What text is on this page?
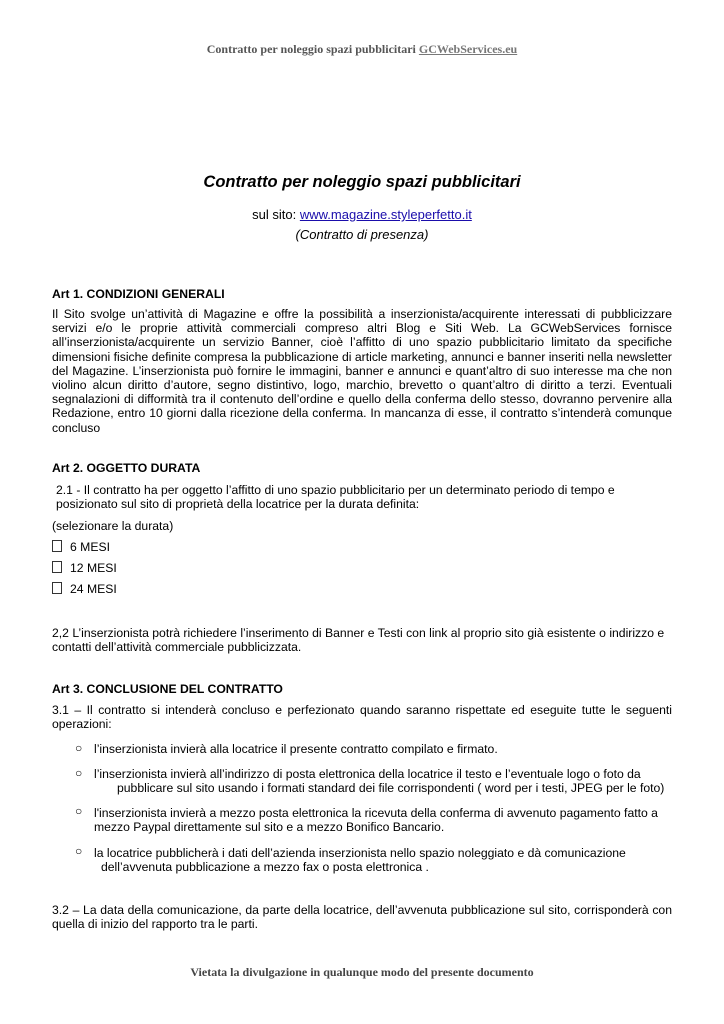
Contratto per noleggio spazi pubblicitari GCWebServices.eu
Contratto per noleggio spazi pubblicitari
sul sito: www.magazine.styleperfetto.it
(Contratto di presenza)
Art 1. CONDIZIONI GENERALI
Il Sito svolge un’attività di Magazine e offre la possibilità a inserzionista/acquirente interessati di pubblicizzare servizi e/o le proprie attività commerciali compreso altri Blog e Siti Web. La GCWebServices fornisce all’inserzionista/acquirente un servizio Banner, cioè l’affitto di uno spazio pubblicitario limitato da specifiche dimensioni fisiche definite compresa la pubblicazione di article marketing, annunci e banner inseriti nella newsletter del Magazine. L’inserzionista può fornire le immagini, banner e annunci e quant’altro di suo interesse ma che non violino alcun diritto d’autore, segno distintivo, logo, marchio, brevetto o quant’altro di diritto a terzi. Eventuali segnalazioni di difformità tra il contenuto dell’ordine e quello della conferma dello stesso, dovranno pervenire alla Redazione, entro 10 giorni dalla ricezione della conferma. In mancanza di esse, il contratto s’intenderà comunque concluso
Art 2. OGGETTO DURATA
2.1 - Il contratto ha per oggetto l’affitto di uno spazio pubblicitario per un determinato periodo di tempo e posizionato sul sito di proprietà della locatrice per la durata definita:
(selezionare la durata)
6 MESI
12 MESI
24 MESI
2,2 L’inserzionista potrà richiedere l’inserimento di Banner e Testi con link al proprio sito già esistente o indirizzo e contatti dell’attività commerciale pubblicizzata.
Art 3. CONCLUSIONE DEL CONTRATTO
3.1 – Il contratto si intenderà concluso e perfezionato quando saranno rispettate ed eseguite tutte le seguenti operazioni:
○ l’inserzionista invierà alla locatrice il presente contratto compilato e firmato.
○ l’inserzionista invierà all’indirizzo di posta elettronica della locatrice il testo e l’eventuale logo o foto da
pubblicare sul sito usando i formati standard dei file corrispondenti ( word per i testi, JPEG per le foto)
○ l'inserzionista invierà a mezzo posta elettronica la ricevuta della conferma di avvenuto pagamento fatto a
mezzo Paypal direttamente sul sito e a mezzo Bonifico Bancario.
○ la locatrice pubblicherà i dati dell’azienda inserzionista nello spazio noleggiato e dà comunicazione
dell’avvenuta pubblicazione a mezzo fax o posta elettronica .
3.2 – La data della comunicazione, da parte della locatrice, dell’avvenuta pubblicazione sul sito, corrisponderà con quella di inizio del rapporto tra le parti.
Vietata la divulgazione in qualunque modo del presente documento
